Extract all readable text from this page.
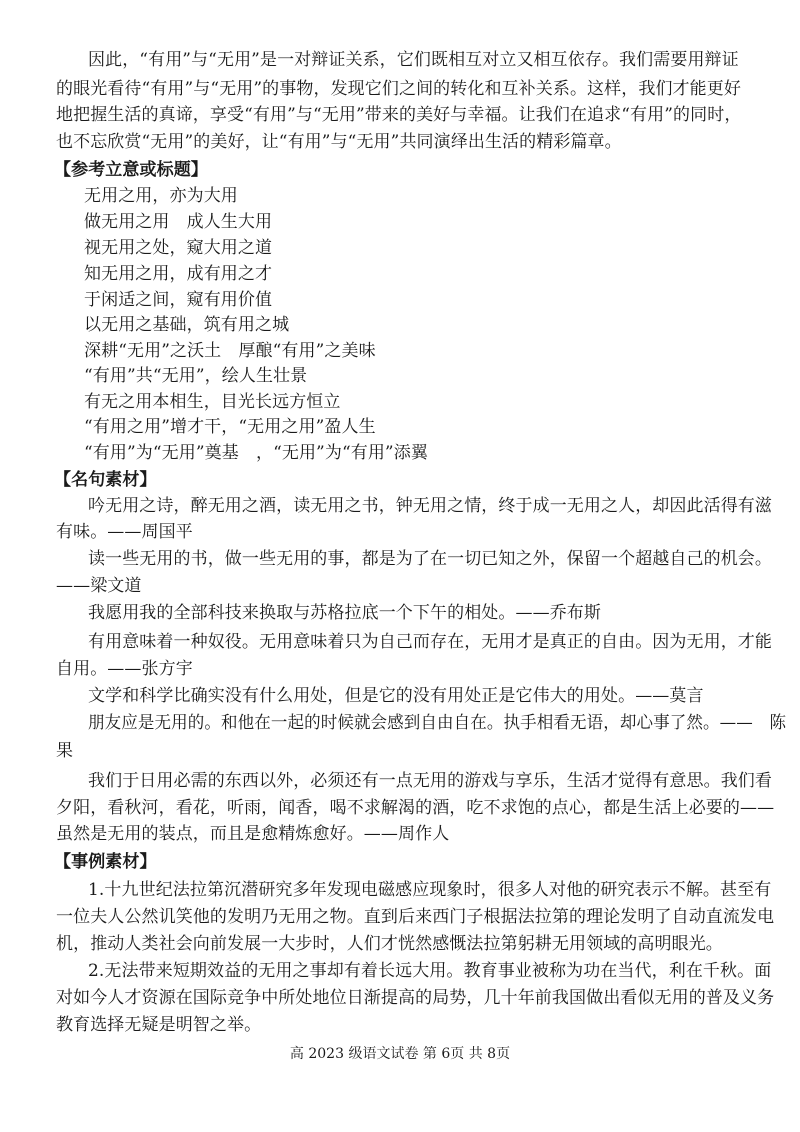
因此，“有用”与“无用”是一对辩证关系，它们既相互对立又相互依存。我们需要用辩证
的眼光看待“有用”与“无用”的事物，发现它们之间的转化和互补关系。这样，我们才能更好
地把握生活的真谛，享受“有用”与“无用”带来的美好与幸福。让我们在追求“有用”的同时，
也不忘欣赏“无用”的美好，让“有用”与“无用”共同演绎出生活的精彩篇章。
【参考立意或标题】
无用之用，亦为大用
做无用之用　成人生大用
视无用之处，窥大用之道
知无用之用，成有用之才
于闲适之间，窥有用价值
以无用之基础，筑有用之城
深耕“无用”之沃土　厚酿“有用”之美味
“有用”共“无用”，绘人生壮景
有无之用本相生，目光长远方恒立
“有用之用”增才干，“无用之用”盈人生
“有用”为“无用”奠基　，“无用”为“有用”添翼
【名句素材】
吟无用之诗，醉无用之酒，读无用之书，钟无用之情，终于成一无用之人，却因此活得有滋
有味。——周国平
读一些无用的书，做一些无用的事，都是为了在一切已知之外，保留一个超越自己的机会。
——梁文道
我愿用我的全部科技来换取与苏格拉底一个下午的相处。——乔布斯
有用意味着一种奴役。无用意味着只为自己而存在，无用才是真正的自由。因为无用，才能
自用。——张方宇
文学和科学比确实没有什么用处，但是它的没有用处正是它伟大的用处。——莫言
朋友应是无用的。和他在一起的时候就会感到自由自在。执手相看无语，却心事了然。——　陈
果
我们于日用必需的东西以外，必须还有一点无用的游戏与享乐，生活才觉得有意思。我们看
夕阳，看秋河，看花，听雨，闻香，喝不求解渴的酒，吃不求饱的点心，都是生活上必要的——
虽然是无用的装点，而且是愈精炼愈好。——周作人
【事例素材】
1.十九世纪法拉第沉潜研究多年发现电磁感应现象时，很多人对他的研究表示不解。甚至有
一位夫人公然讥笑他的发明乃无用之物。直到后来西门子根据法拉第的理论发明了自动直流发电
机，推动人类社会向前发展一大步时，人们才恍然感慨法拉第躬耕无用领域的高明眼光。
2.无法带来短期效益的无用之事却有着长远大用。教育事业被称为功在当代，利在千秋。面
对如今人才资源在国际竞争中所处地位日渐提高的局势，几十年前我国做出看似无用的普及义务
教育选择无疑是明智之举。
高 2023 级语文试卷 第 6页 共 8页
